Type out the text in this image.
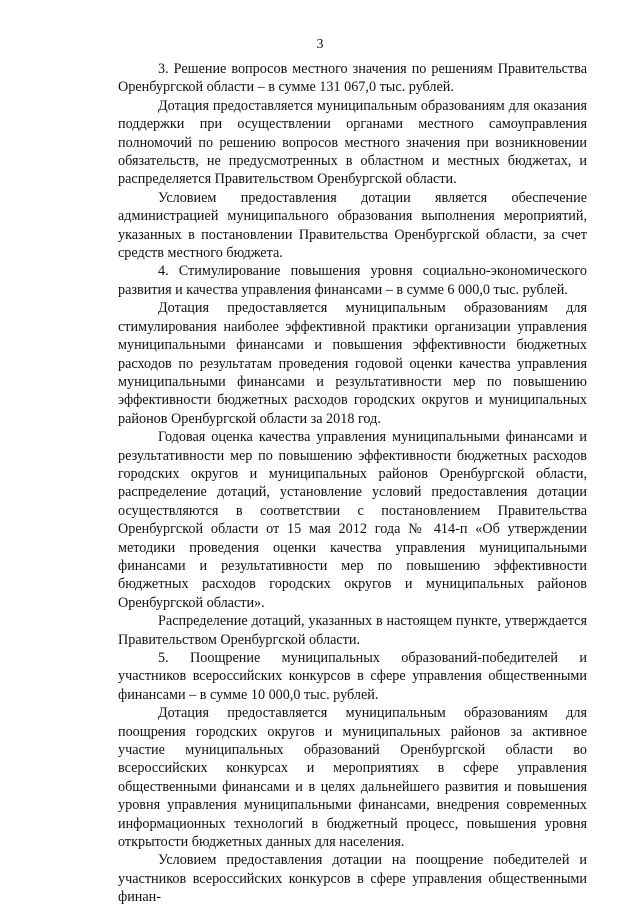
3

3. Решение вопросов местного значения по решениям Правительства Оренбургской области – в сумме 131 067,0 тыс. рублей.

Дотация предоставляется муниципальным образованиям для оказания поддержки при осуществлении органами местного самоуправления полномочий по решению вопросов местного значения при возникновении обязательств, не предусмотренных в областном и местных бюджетах, и распределяется Правительством Оренбургской области.

Условием предоставления дотации является обеспечение администрацией муниципального образования выполнения мероприятий, указанных в постановлении Правительства Оренбургской области, за счет средств местного бюджета.

4. Стимулирование повышения уровня социально-экономического развития и качества управления финансами – в сумме 6 000,0 тыс. рублей.

Дотация предоставляется муниципальным образованиям для стимулирования наиболее эффективной практики организации управления муниципальными финансами и повышения эффективности бюджетных расходов по результатам проведения годовой оценки качества управления муниципальными финансами и результативности мер по повышению эффективности бюджетных расходов городских округов и муниципальных районов Оренбургской области за 2018 год.

Годовая оценка качества управления муниципальными финансами и результативности мер по повышению эффективности бюджетных расходов городских округов и муниципальных районов Оренбургской области, распределение дотаций, установление условий предоставления дотации осуществляются в соответствии с постановлением Правительства Оренбургской области от 15 мая 2012 года № 414-п «Об утверждении методики проведения оценки качества управления муниципальными финансами и результативности мер по повышению эффективности бюджетных расходов городских округов и муниципальных районов Оренбургской области».

Распределение дотаций, указанных в настоящем пункте, утверждается Правительством Оренбургской области.

5. Поощрение муниципальных образований-победителей и участников всероссийских конкурсов в сфере управления общественными финансами – в сумме 10 000,0 тыс. рублей.

Дотация предоставляется муниципальным образованиям для поощрения городских округов и муниципальных районов за активное участие муниципальных образований Оренбургской области во всероссийских конкурсах и мероприятиях в сфере управления общественными финансами и в целях дальнейшего развития и повышения уровня управления муниципальными финансами, внедрения современных информационных технологий в бюджетный процесс, повышения уровня открытости бюджетных данных для населения.

Условием предоставления дотации на поощрение победителей и участников всероссийских конкурсов в сфере управления общественными финан-
